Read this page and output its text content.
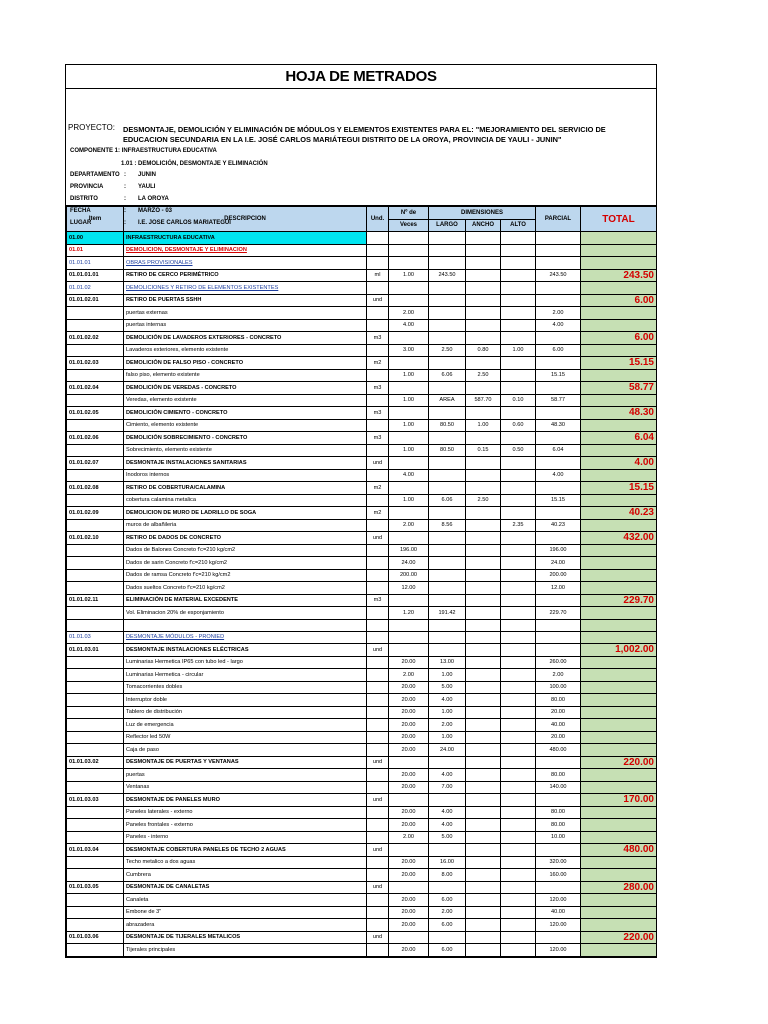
HOJA DE METRADOS
PROYECTO: DESMONTAJE, DEMOLICIÓN Y ELIMINACIÓN DE MÓDULOS Y ELEMENTOS EXISTENTES PARA EL: "MEJORAMIENTO DEL SERVICIO DE EDUCACION SECUNDARIA EN LA I.E. JOSÉ CARLOS MARIÁTEGUI DISTRITO DE LA OROYA, PROVINCIA DE YAULI - JUNIN"
COMPONENTE 1: INFRAESTRUCTURA EDUCATIVA
1.01 : DEMOLICIÓN, DESMONTAJE Y ELIMINACIÓN
DEPARTAMENTO : JUNIN
PROVINCIA	: YAULI
DISTRITO	: LA OROYA
FECHA	: MARZO - 03
LUGAR	: I.E. JOSE CARLOS MARIATEGUI
Item	DESCRIPCION	Und.	Nº de	DIMENSIONES			PARCIAL	TOTAL
			Veces	LARGO	ANCHO	ALTO		
01.00	INFRAESTRUCTURA EDUCATIVA							
01.01	DEMOLICION, DESMONTAJE Y ELIMINACION							
01.01.01	OBRAS PROVISIONALES							
01.01.01.01	RETIRO DE CERCO PERIMÉTRICO	ml	1.00	243.50			243.50	243.50
01.01.02	DEMOLICIONES Y RETIRO DE ELEMENTOS EXISTENTES							
01.01.02.01	RETIRO DE PUERTAS SSHH	und						6.00
	puertas externas		2.00				2.00	
	puertas internas		4.00				4.00	
01.01.02.02	DEMOLICIÓN DE LAVADEROS EXTERIORES - CONCRETO	m3						6.00
	Lavaderos exteriores, elemento existente		3.00	2.50	0.80	1.00	6.00	
01.01.02.03	DEMOLICIÓN DE FALSO PISO - CONCRETO	m2						15.15
	falso piso, elemento existente		1.00	6.06	2.50		15.15	
01.01.02.04	DEMOLICIÓN DE VEREDAS - CONCRETO	m3						58.77
	Veredas, elemento existente		1.00	AREA	587.70	0.10	58.77	
01.01.02.05	DEMOLICIÓN CIMIENTO - CONCRETO	m3						48.30
	Cimiento, elemento existente		1.00	80.50	1.00	0.60	48.30	
01.01.02.06	DEMOLICIÓN SOBRECIMIENTO - CONCRETO	m3						6.04
	Sobrecimiento, elemento existente		1.00	80.50	0.15	0.50	6.04	
01.01.02.07	DESMONTAJE INSTALACIONES SANITARIAS	und						4.00
	Inodoros internos		4.00				4.00	
01.01.02.08	RETIRO DE COBERTURA/CALAMINA	m2						15.15
	cobertura calamina metalica		1.00	6.06	2.50		15.15	
01.01.02.09	DEMOLICION DE MURO DE LADRILLO DE SOGA	m2						40.23
	muros de albañileria		2.00	8.56		2.35	40.23	
01.01.02.10	RETIRO DE DADOS DE CONCRETO	und						432.00
	Dados de Balones Concreto f'c=210 kg/cm2		196.00				196.00	
	Dados de sarin Concreto f'c=210 kg/cm2		24.00				24.00	
	Dados de ramsa Concreto f'c=210 kg/cm2		200.00				200.00	
	Dados sueltos Concreto f'c=210 kg/cm2		12.00				12.00	
01.01.02.11	ELIMINACIÓN DE MATERIAL EXCEDENTE	m3						229.70
	Vol. Eliminacion 20% de esponjamiento		1.20	191.42			229.70	

01.01.03	DESMONTAJE MÓDULOS - PRONIED							
01.01.03.01	DESMONTAJE INSTALACIONES ELÉCTRICAS	und						1,002.00
	Luminarias Hermetica IP65 con tubo led - largo		20.00	13.00			260.00	
	Luminarias Hermetica - circular		2.00	1.00			2.00	
	Tomacorrientes dobles		20.00	5.00			100.00	
	Interruptor doble		20.00	4.00			80.00	
	Tablero de distribución		20.00	1.00			20.00	
	Luz de emergencia		20.00	2.00			40.00	
	Reflector led 50W		20.00	1.00			20.00	
	Caja de paso		20.00	24.00			480.00	
01.01.03.02	DESMONTAJE DE PUERTAS Y VENTANAS	und						220.00
	puertas		20.00	4.00			80.00	
	Ventanas		20.00	7.00			140.00	
01.01.03.03	DESMONTAJE DE PANELES MURO	und						170.00
	Paneles laterales - externo		20.00	4.00			80.00	
	Paneles frontales - externo		20.00	4.00			80.00	
	Paneles - interno		2.00	5.00			10.00	
01.01.03.04	DESMONTAJE COBERTURA PANELES DE TECHO 2 AGUAS	und						480.00
	Techo metalico a dos aguas		20.00	16.00			320.00	
	Cumbrera		20.00	8.00			160.00	
01.01.03.05	DESMONTAJE DE CANALETAS	und						280.00
	Canaleta		20.00	6.00			120.00	
	Embone de 3"		20.00	2.00			40.00	
	abrazadera		20.00	6.00			120.00	
01.01.03.06	DESMONTAJE DE TIJERALES METALICOS	und						220.00
	Tijerales principales		20.00	6.00			120.00	
